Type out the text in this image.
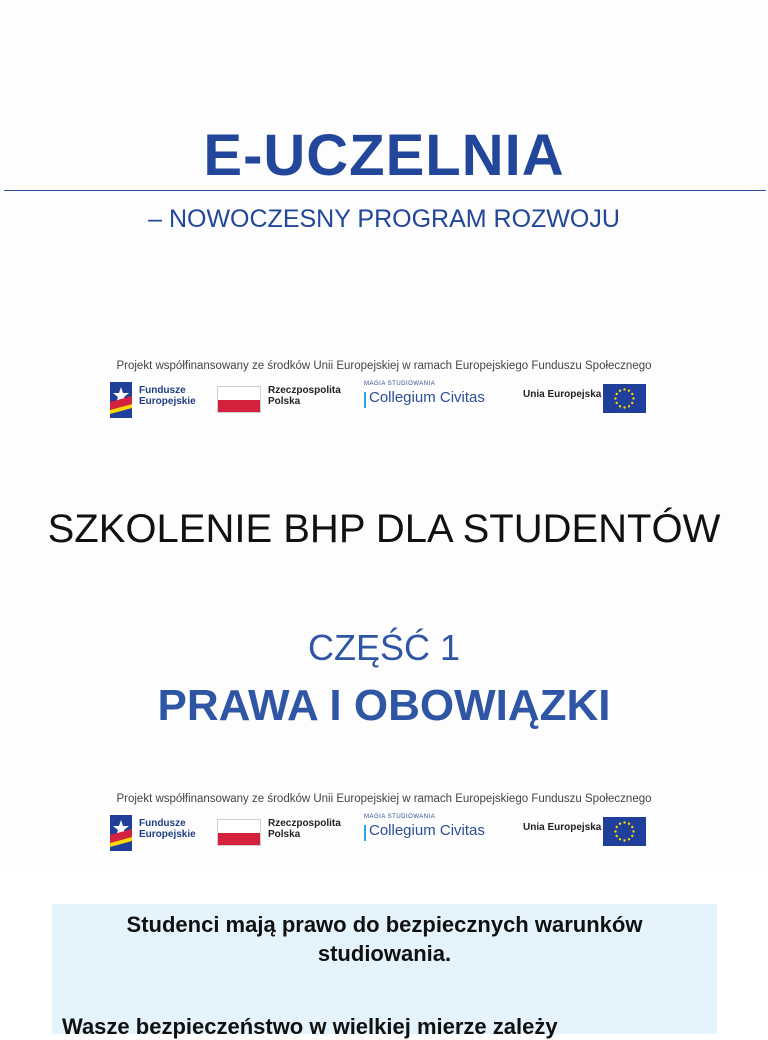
E-UCZELNIA
– NOWOCZESNY PROGRAM ROZWOJU
Projekt współfinansowany ze środków Unii Europejskiej w ramach Europejskiego Funduszu Społecznego
Fundusze
Europejskie
Rzeczpospolita
Polska
MAGIA STUDIOWANIA
Collegium Civitas	Unia Europejska
SZKOLENIE BHP DLA STUDENTÓW
CZĘŚĆ 1
PRAWA I OBOWIĄZKI
Projekt współfinansowany ze środków Unii Europejskiej w ramach Europejskiego Funduszu Społecznego
Fundusze
Europejskie
Rzeczpospolita
Polska
MAGIA STUDIOWANIA
Collegium Civitas	Unia Europejska
Studenci mają prawo do bezpiecznych warunków
studiowania.
Wasze bezpieczeństwo w wielkiej mierze zależy
